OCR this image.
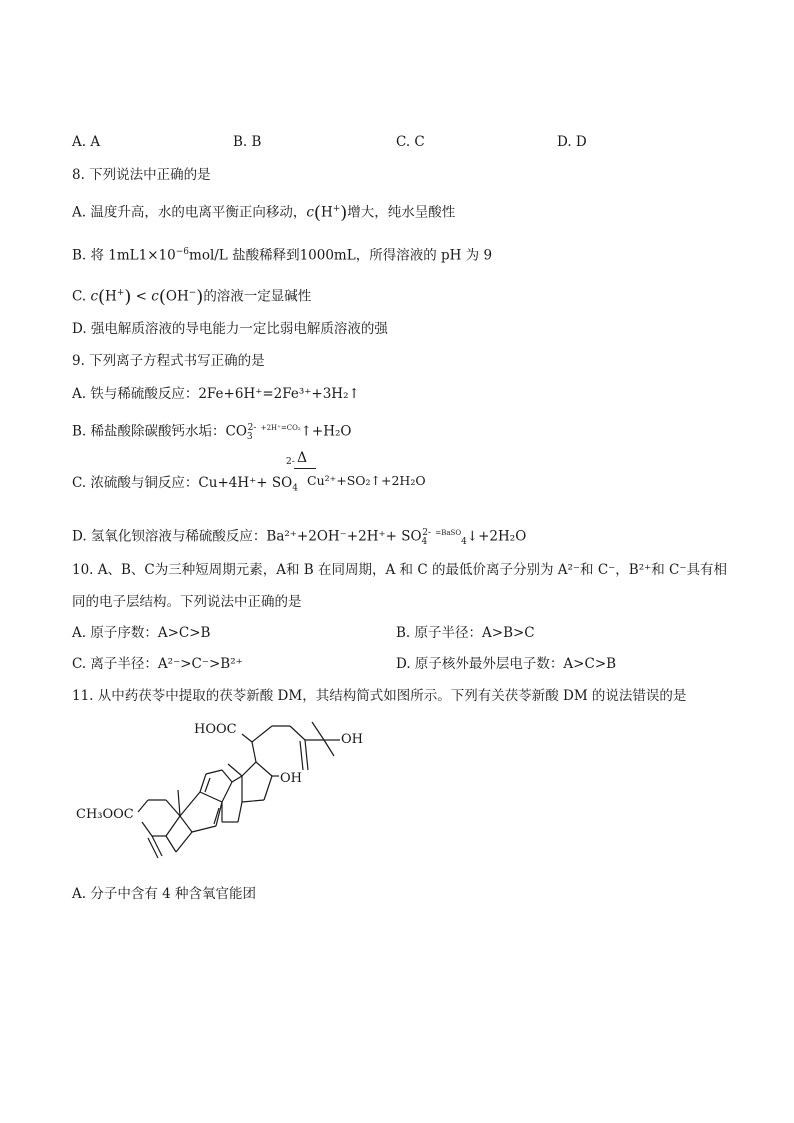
A. A	B. B	C. C	D. D
8. 下列说法中正确的是
A. 温度升高，水的电离平衡正向移动，c(H+)增大，纯水呈酸性
B. 将 $1mL1\times 10^{-6}mol/L$ 盐酸稀释到1000mL，所得溶液的 pH 为 9
C. c(H+) < c(OH−)的溶液一定显碱性
D. 强电解质溶液的导电能力一定比弱电解质溶液的强
9. 下列离子方程式书写正确的是
A. 铁与稀硫酸反应：2Fe+6H⁺=2Fe³⁺+3H₂↑
B. 稀盐酸除碳酸钙水垢：$CO_3^{2-}$ $^{+2H^+=CO_2}$↑+H₂O
C. 浓硫酸与铜反应：$Cu+4H^++ SO_4$
2- Δ
Cu²⁺+SO₂↑+2H₂O
D. 氢氧化钡溶液与稀硫酸反应：$Ba^{2+}+2OH^-+2H^++ SO_4^{2-}$ $^{=BaSO}_4$↓+2H₂O
10. A、B、C为三种短周期元素，A和 B 在同周期，A 和 C 的最低价离子分别为 A²⁻和 C⁻，B²⁺和 C⁻具有相
同的电子层结构。下列说法中正确的是
A. 原子序数：A>C>B	B. 原子半径：A>B>C
C. 离子半径：A²⁻>C⁻>B²⁺	D. 原子核外最外层电子数：A>C>B
11. 从中药茯苓中提取的茯苓新酸 DM，其结构简式如图所示。下列有关茯苓新酸 DM 的说法错误的是
HOOC
OH
OH
CH₃OOC
A. 分子中含有 4 种含氧官能团
